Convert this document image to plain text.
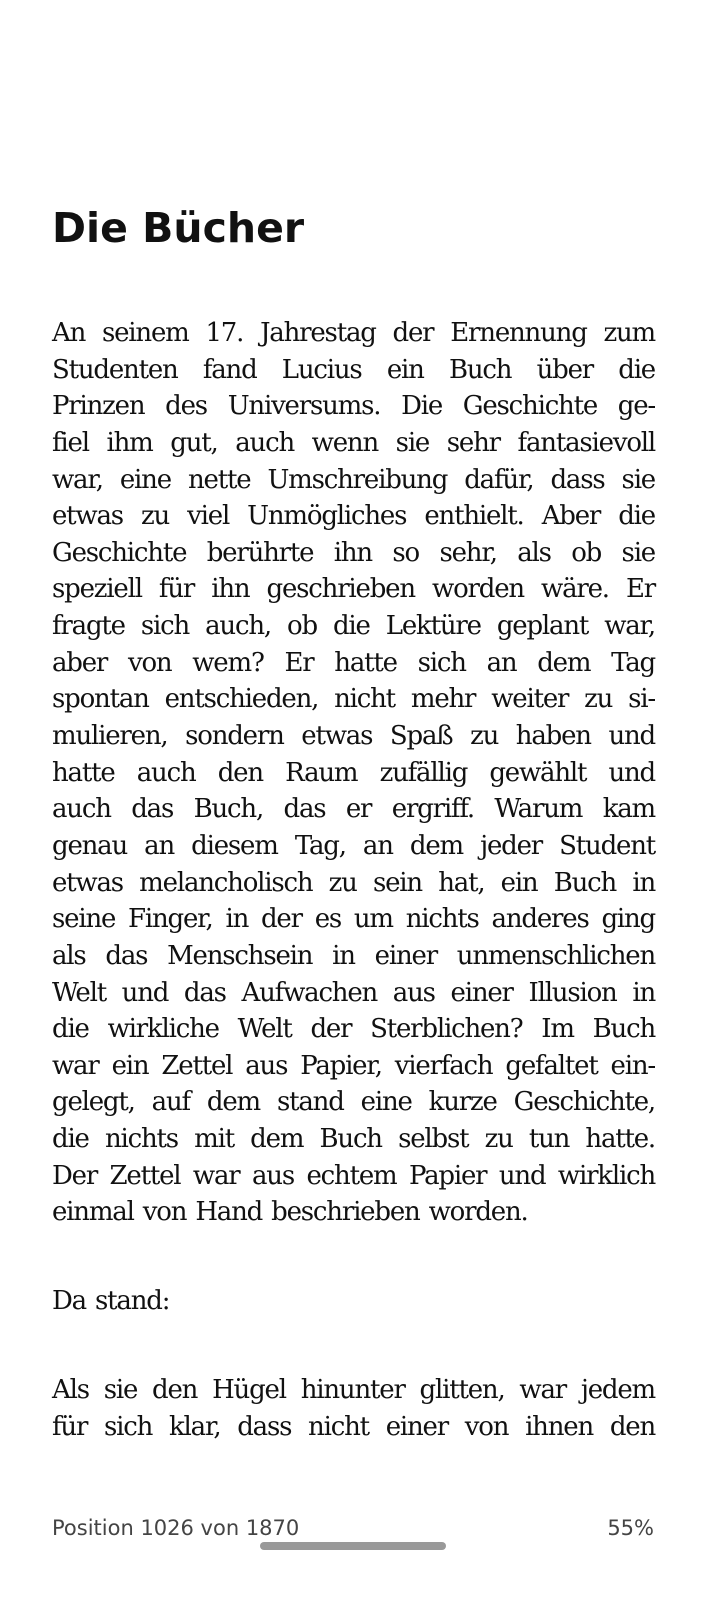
Die Bücher
An seinem 17. Jahrestag der Ernennung zum
Studenten fand Lucius ein Buch über die
Prinzen des Universums. Die Geschichte ge-
fiel ihm gut, auch wenn sie sehr fantasievoll
war, eine nette Umschreibung dafür, dass sie
etwas zu viel Unmögliches enthielt. Aber die
Geschichte berührte ihn so sehr, als ob sie
speziell für ihn geschrieben worden wäre. Er
fragte sich auch, ob die Lektüre geplant war,
aber von wem? Er hatte sich an dem Tag
spontan entschieden, nicht mehr weiter zu si-
mulieren, sondern etwas Spaß zu haben und
hatte auch den Raum zufällig gewählt und
auch das Buch, das er ergriff. Warum kam
genau an diesem Tag, an dem jeder Student
etwas melancholisch zu sein hat, ein Buch in
seine Finger, in der es um nichts anderes ging
als das Menschsein in einer unmenschlichen
Welt und das Aufwachen aus einer Illusion in
die wirkliche Welt der Sterblichen? Im Buch
war ein Zettel aus Papier, vierfach gefaltet ein-
gelegt, auf dem stand eine kurze Geschichte,
die nichts mit dem Buch selbst zu tun hatte.
Der Zettel war aus echtem Papier und wirklich
einmal von Hand beschrieben worden.
Da stand:
Als sie den Hügel hinunter glitten, war jedem
für sich klar, dass nicht einer von ihnen den
Position 1026 von 1870	55%
